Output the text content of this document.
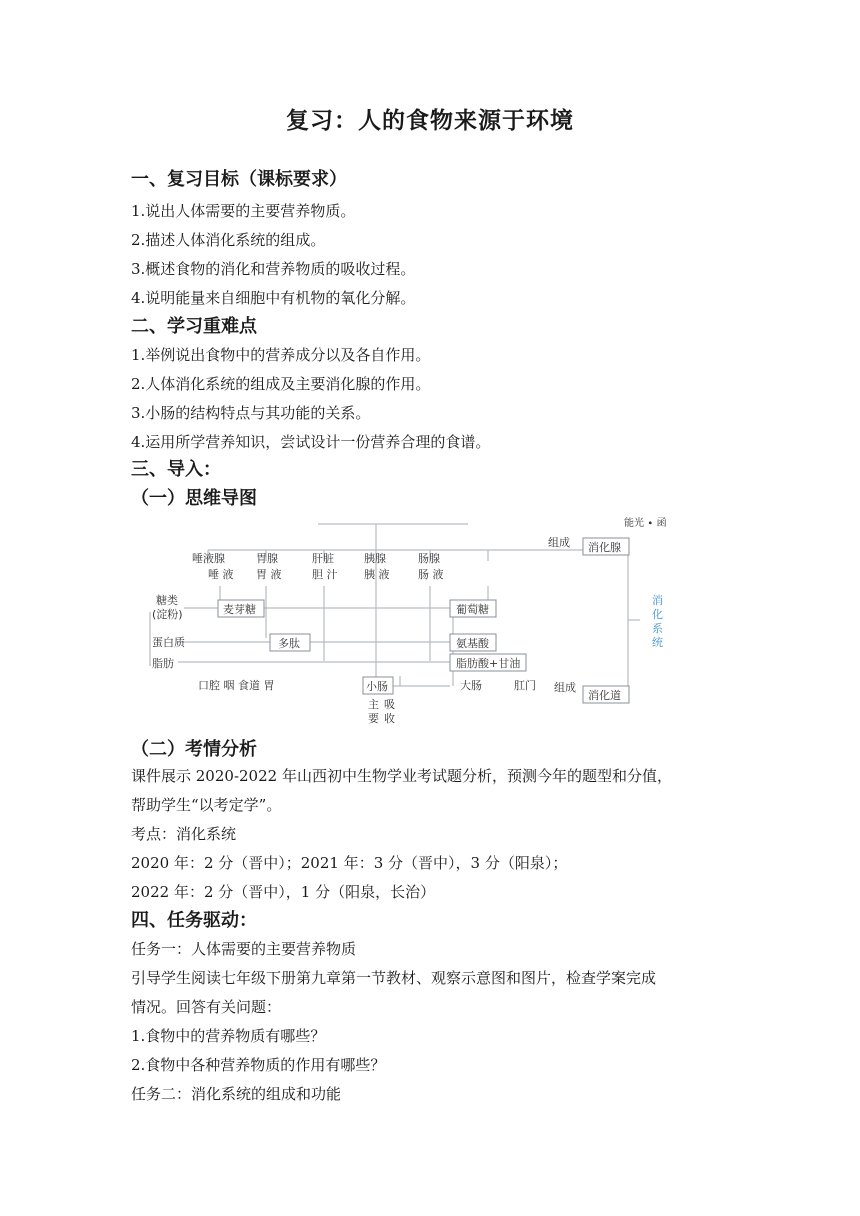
复习：人的食物来源于环境
一、复习目标（课标要求）
1.说出人体需要的主要营养物质。
2.描述人体消化系统的组成。
3.概述食物的消化和营养物质的吸收过程。
4.说明能量来自细胞中有机物的氧化分解。
二、学习重难点
1.举例说出食物中的营养成分以及各自作用。
2.人体消化系统的组成及主要消化腺的作用。
3.小肠的结构特点与其功能的关系。
4.运用所学营养知识，尝试设计一份营养合理的食谱。
三、导入：
（一）思维导图
能光 ∙ 函
唾液腺
唾 液
胃腺
胃 液
肝脏
胆 汁
胰腺
胰 液
肠腺
肠 液
糖类
(淀粉)
蛋白质
脂肪
麦芽糖
多肽
葡萄糖
氨基酸
脂肪酸+甘油
口腔 咽 食道 胃	小肠	大肠	肛门 组成
主
要
吸
收
组成 消化腺
消化道
消
化
系
统
（二）考情分析
课件展示 2020-2022 年山西初中生物学业考试题分析，预测今年的题型和分值，
帮助学生“以考定学”。
考点：消化系统
2020 年：2 分（晋中）；2021 年：3 分（晋中），3 分（阳泉）；
2022 年：2 分（晋中），1 分（阳泉，长治）
四、任务驱动：
任务一：人体需要的主要营养物质
引导学生阅读七年级下册第九章第一节教材、观察示意图和图片，检查学案完成
情况。回答有关问题：
1.食物中的营养物质有哪些？
2.食物中各种营养物质的作用有哪些？
任务二：消化系统的组成和功能
